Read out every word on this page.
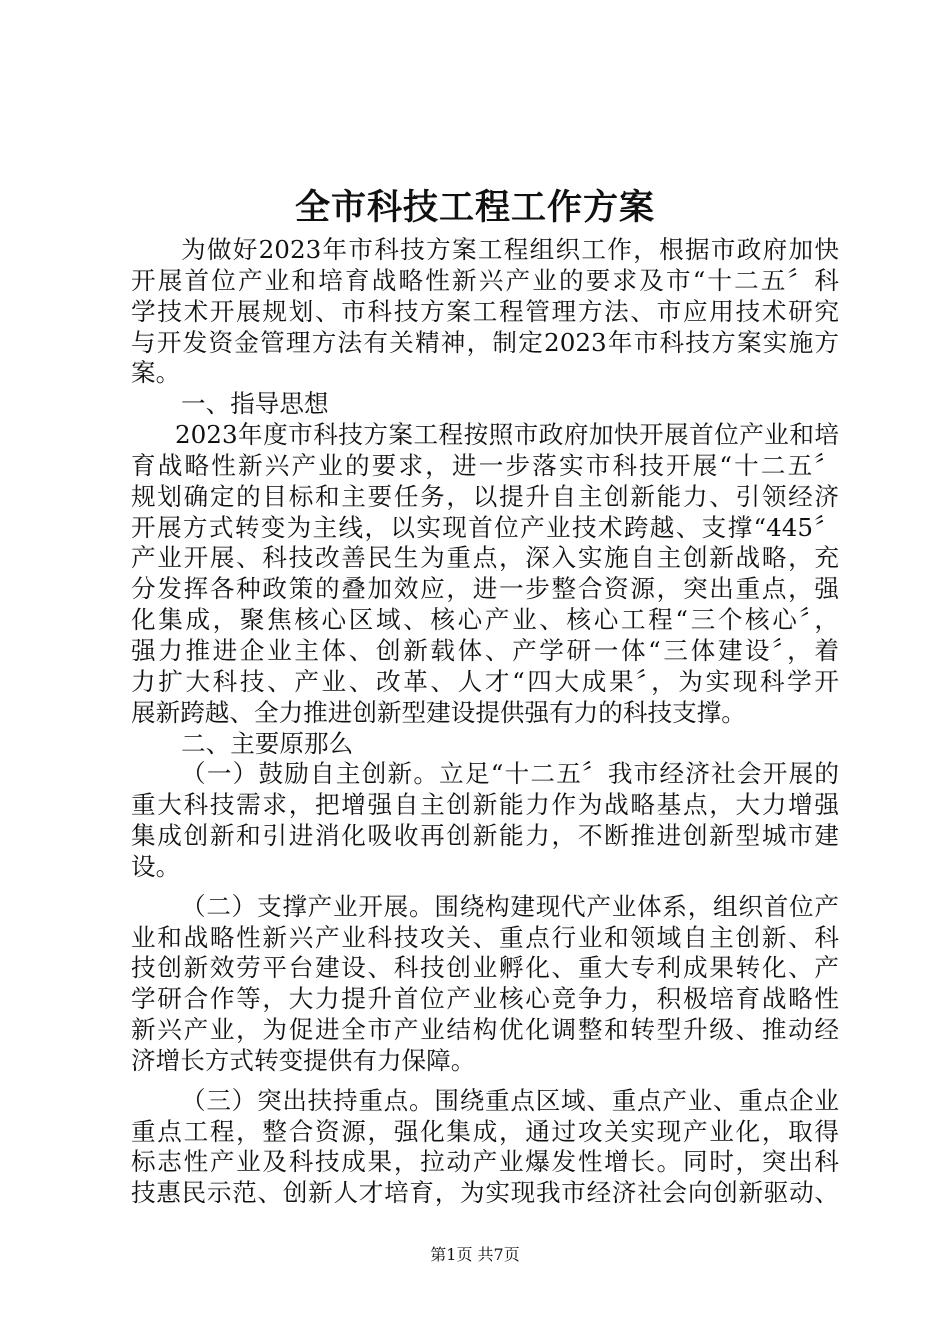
全市科技工程工作方案
为做好2023年市科技方案工程组织工作，根据市政府加快
开展首位产业和培育战略性新兴产业的要求及市“十二五〞科
学技术开展规划、市科技方案工程管理方法、市应用技术研究
与开发资金管理方法有关精神，制定2023年市科技方案实施方
案。
一、指导思想
2023年度市科技方案工程按照市政府加快开展首位产业和培
育战略性新兴产业的要求，进一步落实市科技开展“十二五〞
规划确定的目标和主要任务，以提升自主创新能力、引领经济
开展方式转变为主线，以实现首位产业技术跨越、支撑“445〞
产业开展、科技改善民生为重点，深入实施自主创新战略，充
分发挥各种政策的叠加效应，进一步整合资源，突出重点，强
化集成，聚焦核心区域、核心产业、核心工程“三个核心〞，
强力推进企业主体、创新载体、产学研一体“三体建设〞，着
力扩大科技、产业、改革、人才“四大成果〞，为实现科学开
展新跨越、全力推进创新型建设提供强有力的科技支撑。
二、主要原那么
（一）鼓励自主创新。立足“十二五〞我市经济社会开展的
重大科技需求，把增强自主创新能力作为战略基点，大力增强
集成创新和引进消化吸收再创新能力，不断推进创新型城市建
设。
（二）支撑产业开展。围绕构建现代产业体系，组织首位产
业和战略性新兴产业科技攻关、重点行业和领域自主创新、科
技创新效劳平台建设、科技创业孵化、重大专利成果转化、产
学研合作等，大力提升首位产业核心竞争力，积极培育战略性
新兴产业，为促进全市产业结构优化调整和转型升级、推动经
济增长方式转变提供有力保障。
（三）突出扶持重点。围绕重点区域、重点产业、重点企业
重点工程，整合资源，强化集成，通过攻关实现产业化，取得
标志性产业及科技成果，拉动产业爆发性增长。同时，突出科
技惠民示范、创新人才培育，为实现我市经济社会向创新驱动、
第1页 共7页
